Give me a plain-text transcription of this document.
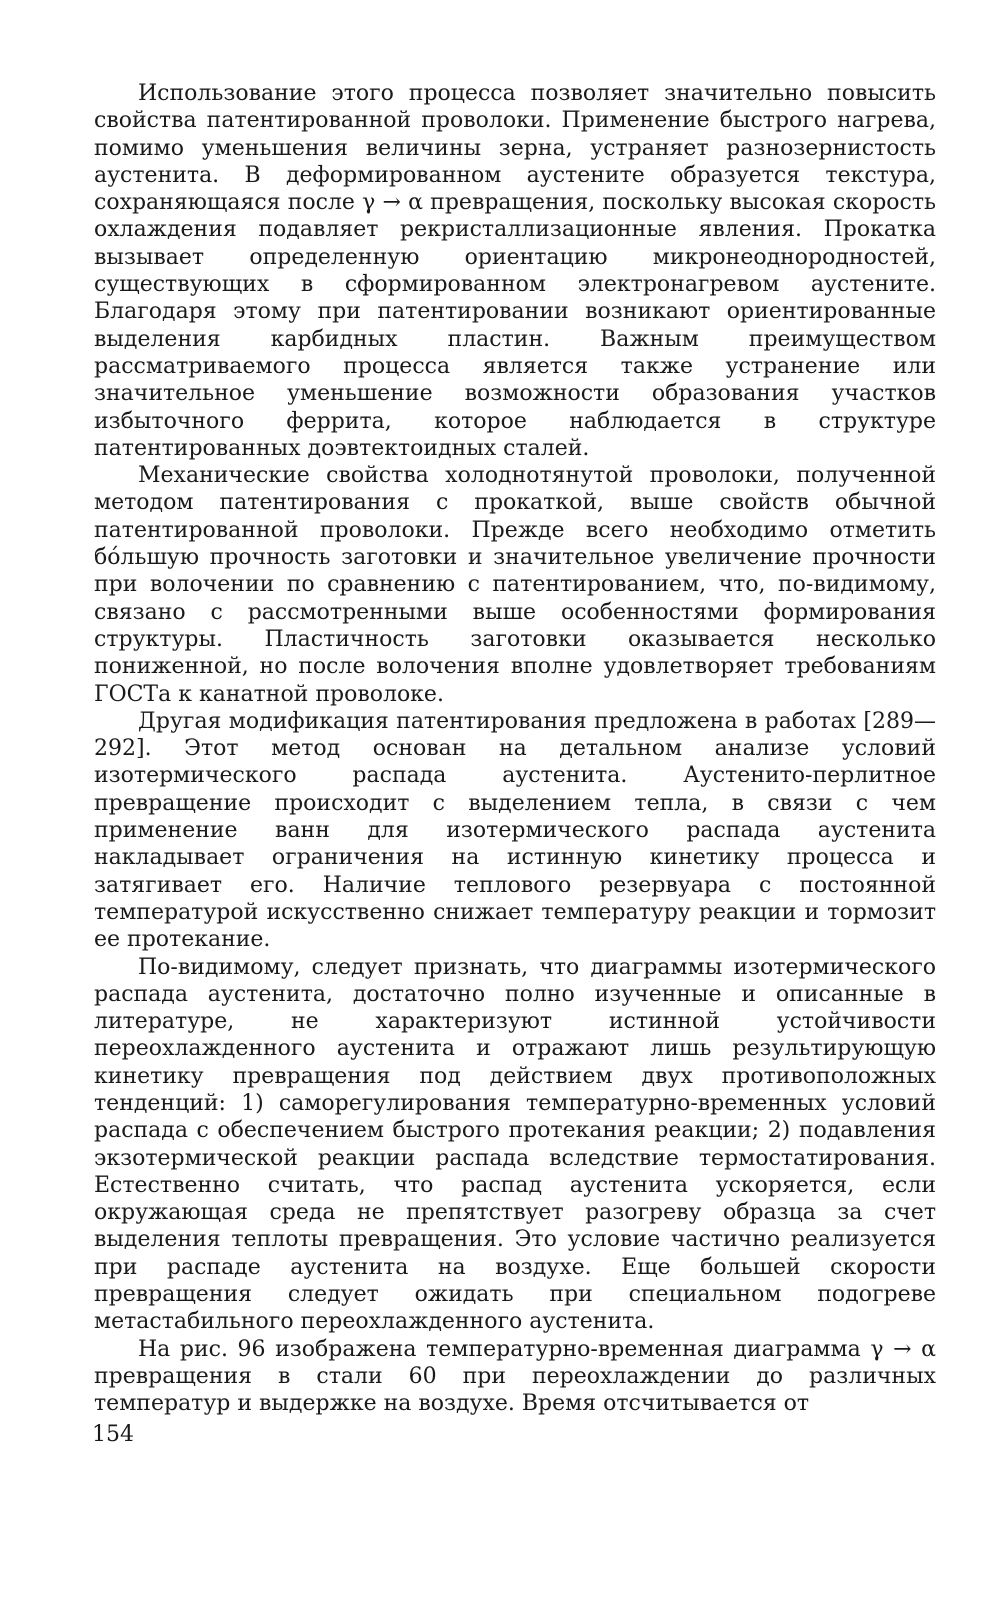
Использование этого процесса позволяет значительно повысить свойства патентированной проволоки. Применение быстрого нагрева, помимо уменьшения величины зерна, устраняет разнозернистость аустенита. В деформированном аустените образуется текстура, сохраняющаяся после γ → α превращения, поскольку высокая скорость охлаждения подавляет рекристаллизационные явления. Прокатка вызывает определенную ориентацию микронеоднородностей, существующих в сформированном электронагревом аустените. Благодаря этому при патентировании возникают ориентированные выделения карбидных пластин. Важным преимуществом рассматриваемого процесса является также устранение или значительное уменьшение возможности образования участков избыточного феррита, которое наблюдается в структуре патентированных доэвтектоидных сталей.

Механические свойства холоднотянутой проволоки, полученной методом патентирования с прокаткой, выше свойств обычной патентированной проволоки. Прежде всего необходимо отметить бо́льшую прочность заготовки и значительное увеличение прочности при волочении по сравнению с патентированием, что, по-видимому, связано с рассмотренными выше особенностями формирования структуры. Пластичность заготовки оказывается несколько пониженной, но после волочения вполне удовлетворяет требованиям ГОСТа к канатной проволоке.

Другая модификация патентирования предложена в работах [289—292]. Этот метод основан на детальном анализе условий изотермического распада аустенита. Аустенито-перлитное превращение происходит с выделением тепла, в связи с чем применение ванн для изотермического распада аустенита накладывает ограничения на истинную кинетику процесса и затягивает его. Наличие теплового резервуара с постоянной температурой искусственно снижает температуру реакции и тормозит ее протекание.

По-видимому, следует признать, что диаграммы изотермического распада аустенита, достаточно полно изученные и описанные в литературе, не характеризуют истинной устойчивости переохлажденного аустенита и отражают лишь результирующую кинетику превращения под действием двух противоположных тенденций: 1) саморегулирования температурно-временных условий распада с обеспечением быстрого протекания реакции; 2) подавления экзотермической реакции распада вследствие термостатирования. Естественно считать, что распад аустенита ускоряется, если окружающая среда не препятствует разогреву образца за счет выделения теплоты превращения. Это условие частично реализуется при распаде аустенита на воздухе. Еще большей скорости превращения следует ожидать при специальном подогреве метастабильного переохлажденного аустенита.

На рис. 96 изображена температурно-временная диаграмма γ → α превращения в стали 60 при переохлаждении до различных температур и выдержке на воздухе. Время отсчитывается от

154
